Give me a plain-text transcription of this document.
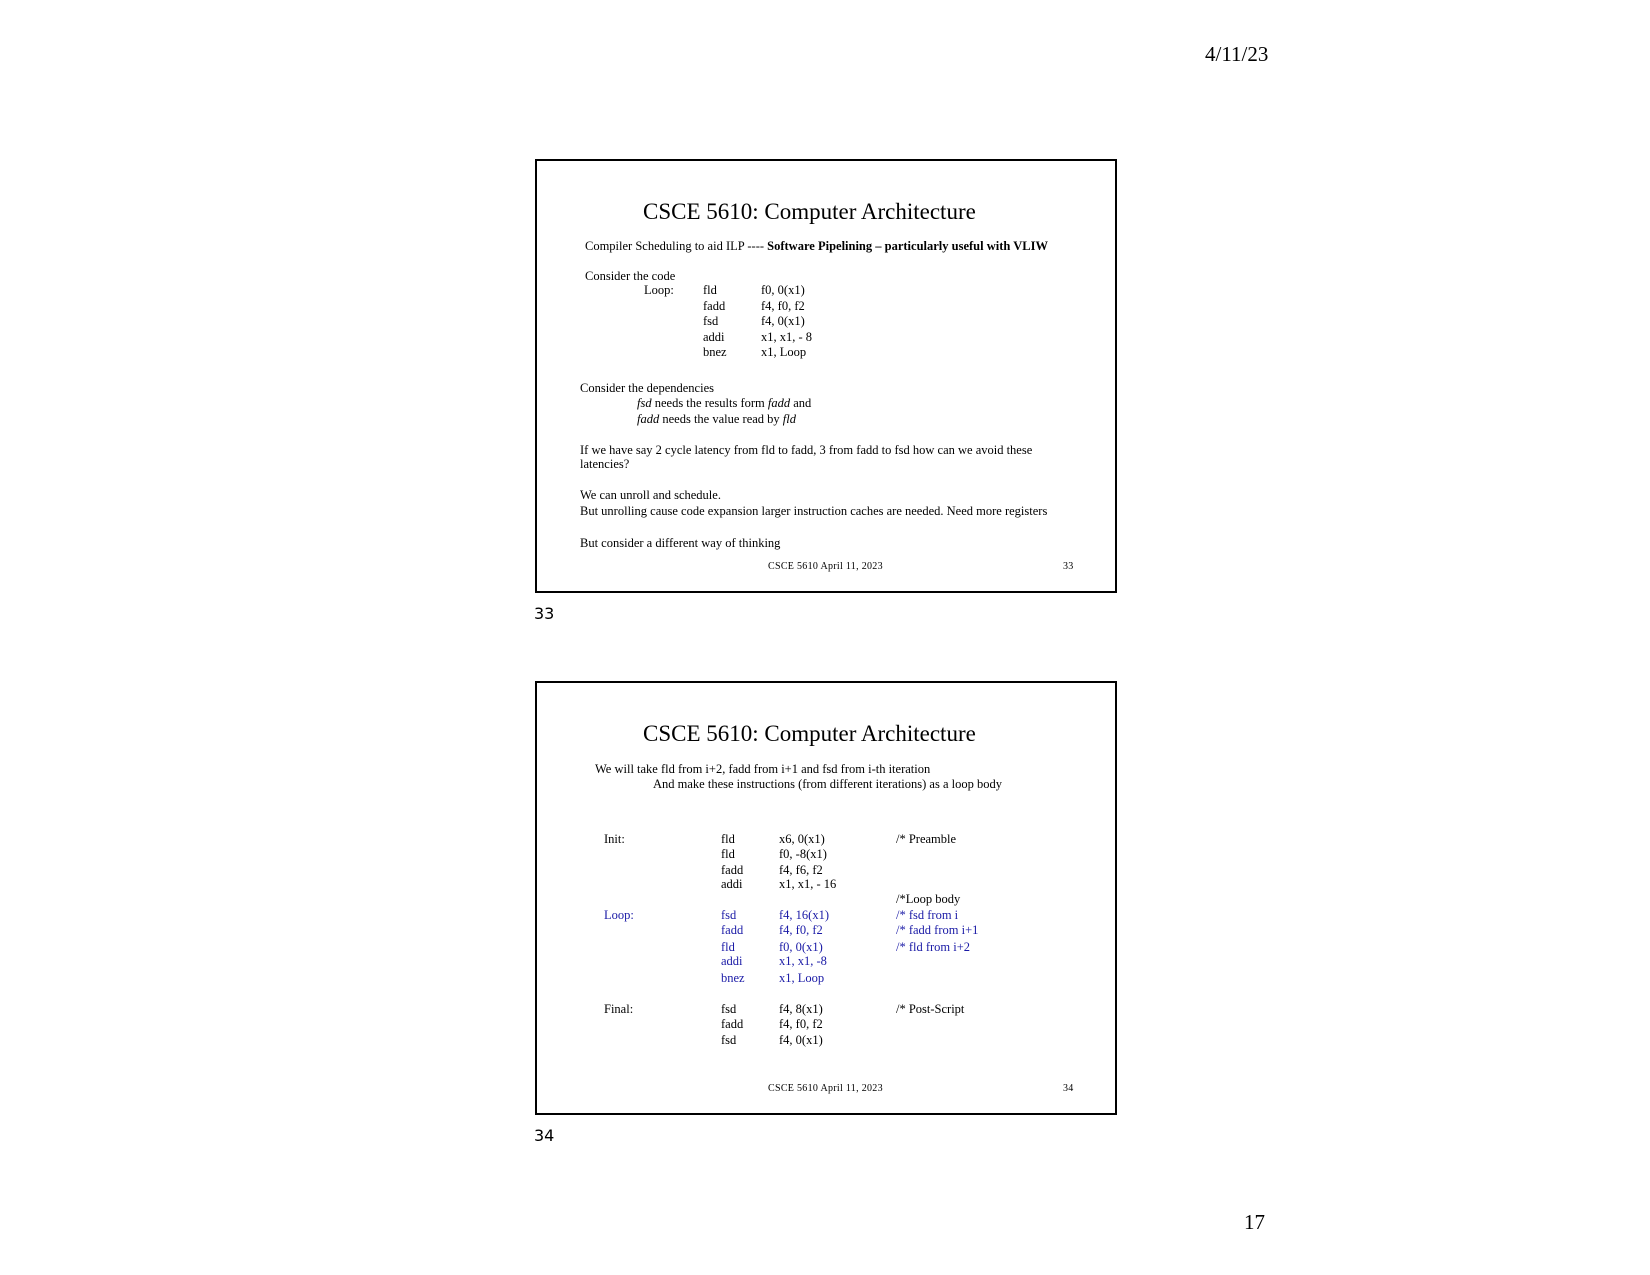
4/11/23
CSCE 5610: Computer Architecture
Compiler Scheduling to aid ILP ---- Software Pipelining – particularly useful with VLIW
Consider the code
Loop: fld	f0, 0(x1)
fadd	f4, f0, f2
fsd	f4, 0(x1)
addi	x1, x1, - 8
bnez	x1, Loop
Consider the dependencies
fsd needs the results form fadd and
fadd needs the value read by fld
If we have say 2 cycle latency from fld to fadd, 3 from fadd to fsd how can we avoid these
latencies?
We can unroll and schedule.
But unrolling cause code expansion larger instruction caches are needed. Need more registers
But consider a different way of thinking
CSCE 5610 April 11, 2023	33
33
CSCE 5610: Computer Architecture
We will take fld from i+2, fadd from i+1 and fsd from i-th iteration
And make these instructions (from different iterations) as a loop body
Init:	fld	x6, 0(x1)	/* Preamble
fld	f0, -8(x1)
fadd	f4, f6, f2
addi	x1, x1, - 16
/*Loop body
Loop:	fsd	f4, 16(x1)	/* fsd from i
fadd	f4, f0, f2	/* fadd from i+1
fld	f0, 0(x1)	/* fld from i+2
addi	x1, x1, -8
bnez	x1, Loop
Final:	fsd	f4, 8(x1)	/* Post-Script
fadd	f4, f0, f2
fsd	f4, 0(x1)
CSCE 5610 April 11, 2023	34
34
17
